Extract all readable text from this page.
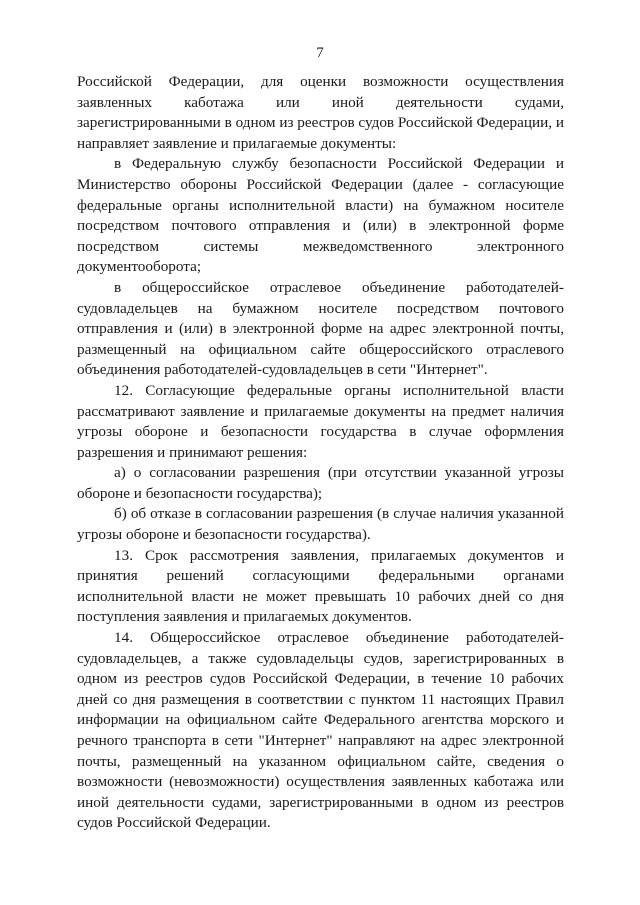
7

Российской Федерации, для оценки возможности осуществления заявленных каботажа или иной деятельности судами, зарегистрированными в одном из реестров судов Российской Федерации, и направляет заявление и прилагаемые документы:

в Федеральную службу безопасности Российской Федерации и Министерство обороны Российской Федерации (далее - согласующие федеральные органы исполнительной власти) на бумажном носителе посредством почтового отправления и (или) в электронной форме посредством системы межведомственного электронного документооборота;

в общероссийское отраслевое объединение работодателей-судовладельцев на бумажном носителе посредством почтового отправления и (или) в электронной форме на адрес электронной почты, размещенный на официальном сайте общероссийского отраслевого объединения работодателей-судовладельцев в сети "Интернет".

12. Согласующие федеральные органы исполнительной власти рассматривают заявление и прилагаемые документы на предмет наличия угрозы обороне и безопасности государства в случае оформления разрешения и принимают решения:

а) о согласовании разрешения (при отсутствии указанной угрозы обороне и безопасности государства);

б) об отказе в согласовании разрешения (в случае наличия указанной угрозы обороне и безопасности государства).

13. Срок рассмотрения заявления, прилагаемых документов и принятия решений согласующими федеральными органами исполнительной власти не может превышать 10 рабочих дней со дня поступления заявления и прилагаемых документов.

14. Общероссийское отраслевое объединение работодателей-судовладельцев, а также судовладельцы судов, зарегистрированных в одном из реестров судов Российской Федерации, в течение 10 рабочих дней со дня размещения в соответствии с пунктом 11 настоящих Правил информации на официальном сайте Федерального агентства морского и речного транспорта в сети "Интернет" направляют на адрес электронной почты, размещенный на указанном официальном сайте, сведения о возможности (невозможности) осуществления заявленных каботажа или иной деятельности судами, зарегистрированными в одном из реестров судов Российской Федерации.
